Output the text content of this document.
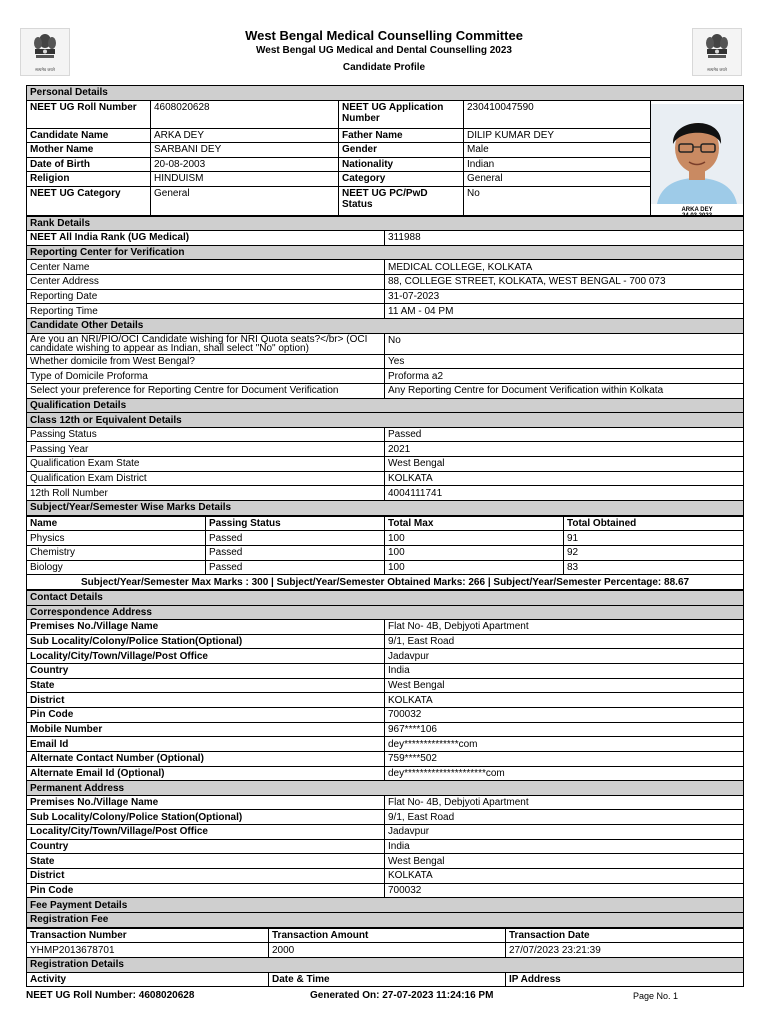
सत्यमेव जयते
West Bengal Medical Counselling Committee
West Bengal UG Medical and Dental Counselling 2023
Candidate Profile	सत्यमेव जयते
Personal Details				
NEET UG Roll Number	4608020628	NEET UG Application Number	230410047590	ARKA DEY
24.03.2023

Candidate Name	ARKA DEY	Father Name	DILIP KUMAR DEY	
Mother Name	SARBANI DEY	Gender	Male	
Date of Birth	20-08-2003	Nationality	Indian	
Religion	HINDUISM	Category	General	
NEET UG Category	General	NEET UG PC/PwD Status	No	
Rank Details	
NEET All India Rank (UG Medical)	311988
Reporting Center for Verification	
Center Name	MEDICAL COLLEGE, KOLKATA
Center Address	88, COLLEGE STREET, KOLKATA, WEST BENGAL - 700 073
Reporting Date	31-07-2023
Reporting Time	11 AM - 04 PM
Candidate Other Details	
Are you an NRI/PIO/OCI Candidate wishing for NRI Quota seats?</br> (OCI candidate wishing to appear as Indian, shall select "No" option)	No
Whether domicile from West Bengal?	Yes
Type of Domicile Proforma	Proforma a2
Select your preference for Reporting Centre for Document Verification	Any Reporting Centre for Document Verification within Kolkata
Qualification Details	
Class 12th or Equivalent Details	
Passing Status	Passed
Passing Year	2021
Qualification Exam State	West Bengal
Qualification Exam District	KOLKATA
12th Roll Number	4004111741
Subject/Year/Semester Wise Marks Details	
Name	Passing Status	Total Max	Total Obtained
Physics	Passed	100	91
Chemistry	Passed	100	92
Biology	Passed	100	83
Subject/Year/Semester Max Marks : 300 | Subject/Year/Semester Obtained Marks: 266 | Subject/Year/Semester Percentage: 88.67			
Contact Details	
Correspondence Address	
Premises No./Village Name	Flat No- 4B, Debjyoti Apartment
Sub Locality/Colony/Police Station(Optional)	9/1, East Road
Locality/City/Town/Village/Post Office	Jadavpur
Country	India
State	West Bengal
District	KOLKATA
Pin Code	700032
Mobile Number	967****106
Email Id	dey**************com
Alternate Contact Number (Optional)	759****502
Alternate Email Id (Optional)	dey*********************com
Permanent Address	
Premises No./Village Name	Flat No- 4B, Debjyoti Apartment
Sub Locality/Colony/Police Station(Optional)	9/1, East Road
Locality/City/Town/Village/Post Office	Jadavpur
Country	India
State	West Bengal
District	KOLKATA
Pin Code	700032
Fee Payment Details	
Registration Fee	
Transaction Number	Transaction Amount	Transaction Date
YHMP2013678701	2000	27/07/2023 23:21:39
Registration Details		
Activity	Date & Time	IP Address
NEET UG Roll Number: 4608020628	Generated On: 27-07-2023 11:24:16 PM	Page No. 1
